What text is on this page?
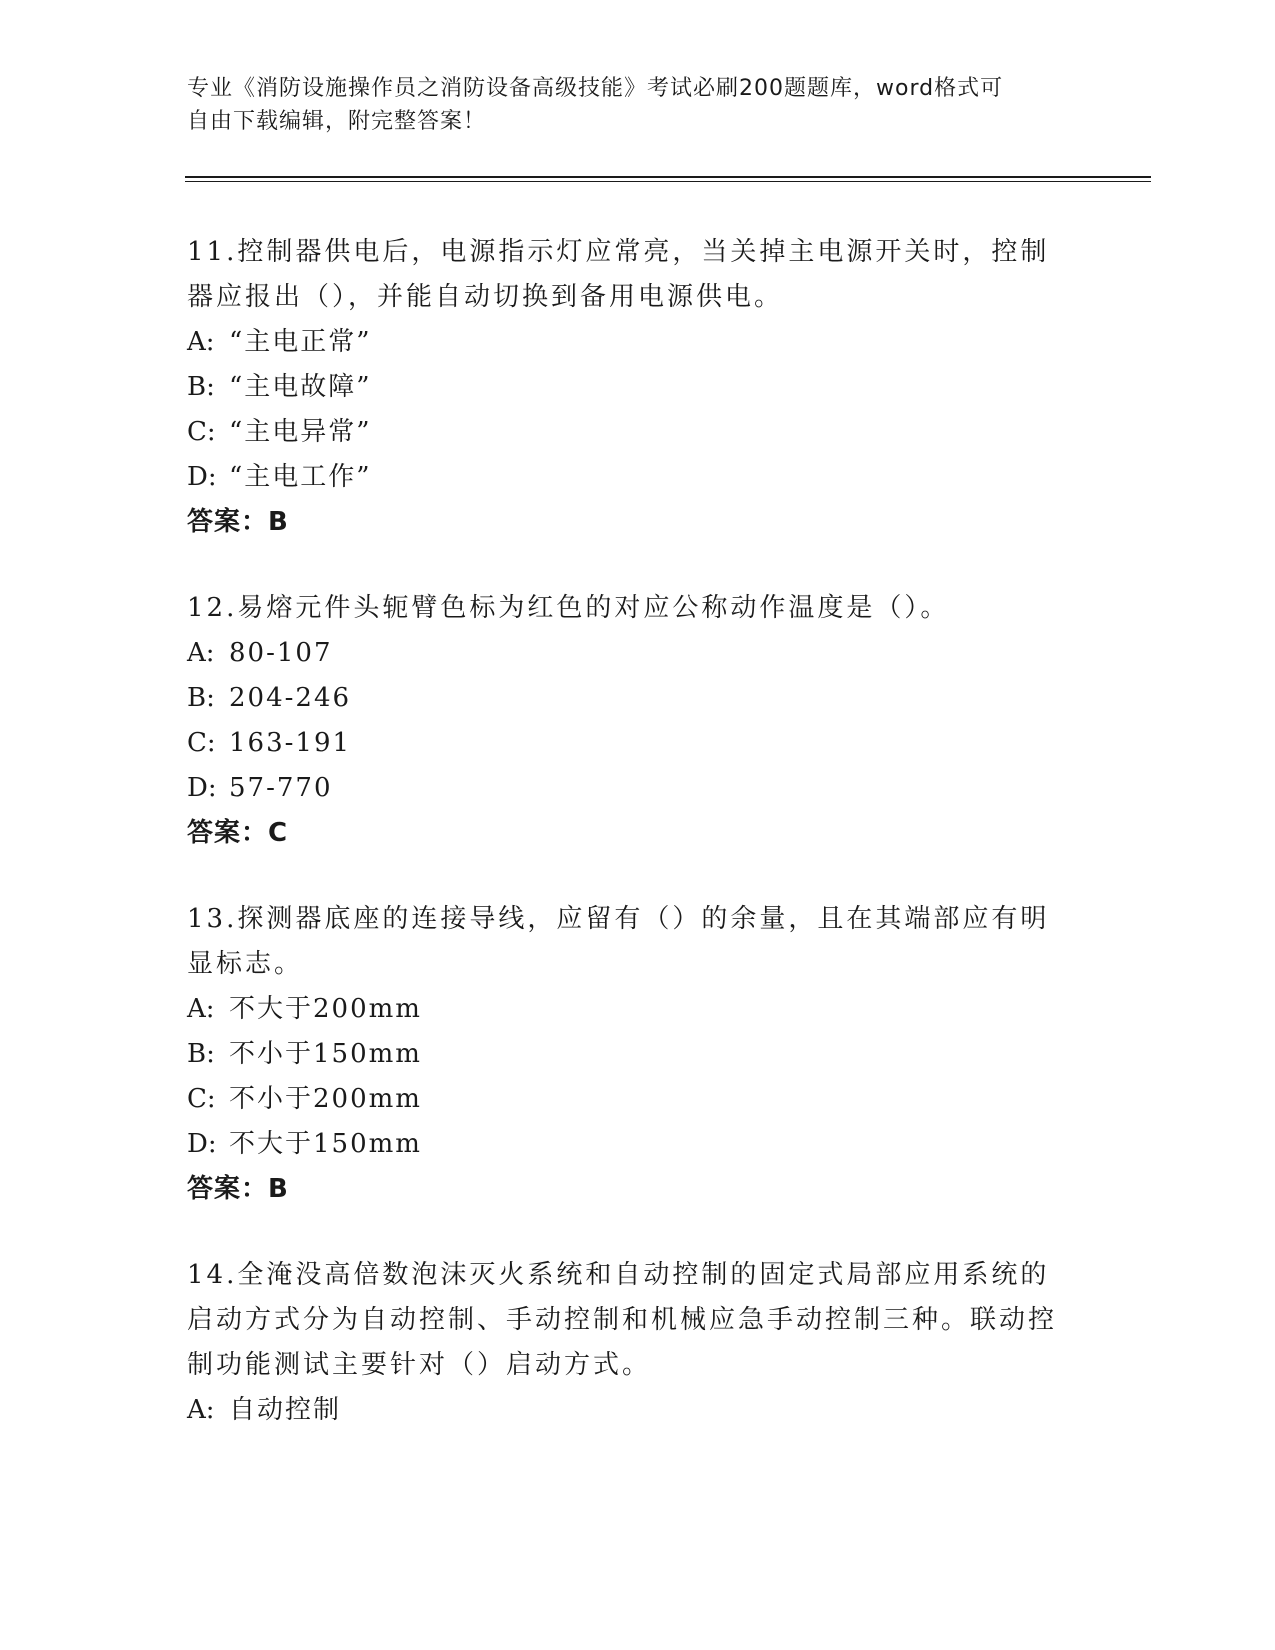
专业《消防设施操作员之消防设备高级技能》考试必刷200题题库，word格式可
自由下载编辑，附完整答案！
11.控制器供电后，电源指示灯应常亮，当关掉主电源开关时，控制器应报出（），并能自动切换到备用电源供电。
A: “主电正常”
B: “主电故障”
C: “主电异常”
D: “主电工作”
答案：B
12.易熔元件头轭臂色标为红色的对应公称动作温度是（）。
A: 80-107
B: 204-246
C: 163-191
D: 57-770
答案：C
13.探测器底座的连接导线，应留有（）的余量，且在其端部应有明显标志。
A: 不大于200mm
B: 不小于150mm
C: 不小于200mm
D: 不大于150mm
答案：B
14.全淹没高倍数泡沫灭火系统和自动控制的固定式局部应用系统的启动方式分为自动控制、手动控制和机械应急手动控制三种。联动控制功能测试主要针对（）启动方式。
A: 自动控制
